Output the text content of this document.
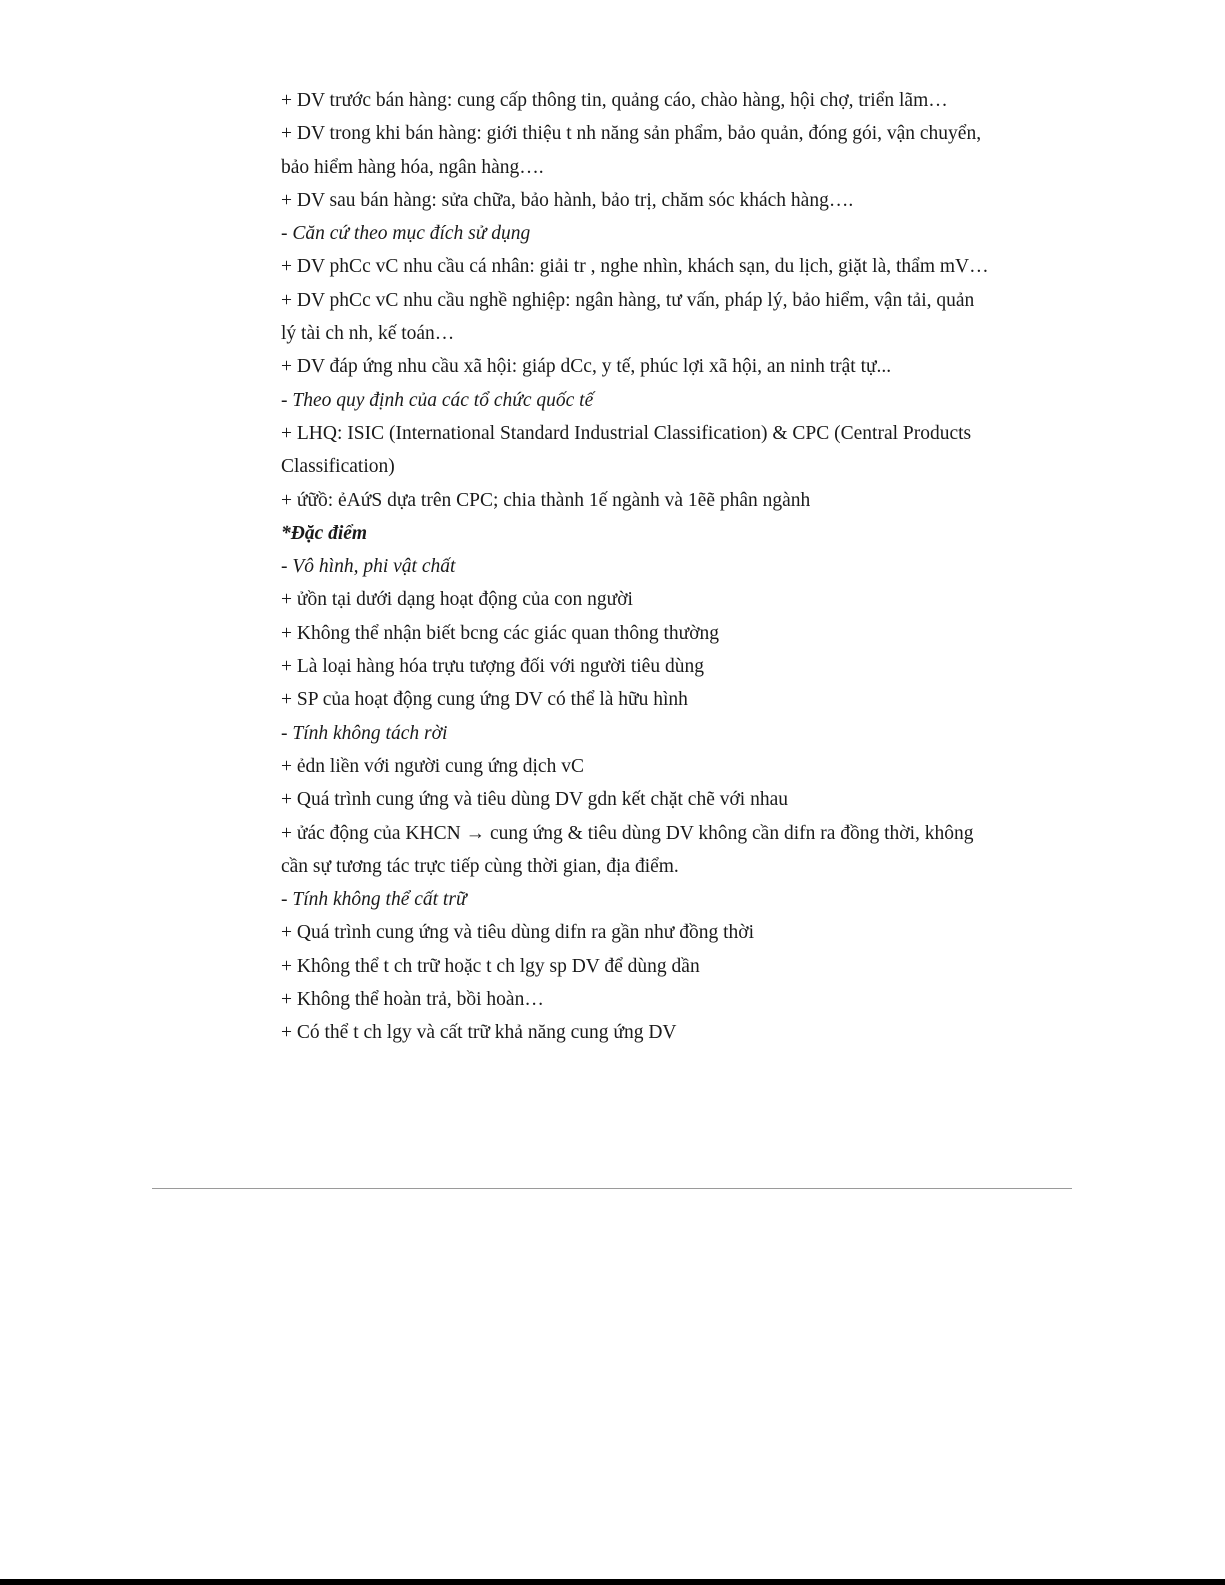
+ DV trước bán hàng: cung cấp thông tin, quảng cáo, chào hàng, hội chợ, triển lãm…
+ DV trong khi bán hàng: giới thiệu t nh năng sản phẩm, bảo quản, đóng gói, vận chuyển,
bảo hiểm hàng hóa, ngân hàng….
+ DV sau bán hàng: sửa chữa, bảo hành, bảo trị, chăm sóc khách hàng….
- Căn cứ theo mục đích sử dụng
+ DV phCc vC nhu cầu cá nhân: giải tr , nghe nhìn, khách sạn, du lịch, giặt là, thẩm mV…
+ DV phCc vC nhu cầu nghề nghiệp: ngân hàng, tư vấn, pháp lý, bảo hiểm, vận tải, quản
lý tài ch nh, kế toán…
+ DV đáp ứng nhu cầu xã hội: giáp dCc, y tế, phúc lợi xã hội, an ninh trật tự...
- Theo quy định của các tổ chức quốc tế
+ LHQ: ISIC (International Standard Industrial Classification) & CPC (Central Products
Classification)
+ ứữồ: ẻAứS dựa trên CPC; chia thành 1ế ngành và 1ẽẽ phân ngành
*Đặc điểm
- Vô hình, phi vật chất
+ ửồn tại dưới dạng hoạt động của con người
+ Không thể nhận biết bcng các giác quan thông thường
+ Là loại hàng hóa trựu tượng đối với người tiêu dùng
+ SP của hoạt động cung ứng DV có thể là hữu hình
- Tính không tách rời
+ ẻdn liền với người cung ứng dịch vC
+ Quá trình cung ứng và tiêu dùng DV gdn kết chặt chẽ với nhau
+ ửác động của KHCN → cung ứng & tiêu dùng DV không cần difn ra đồng thời, không
cần sự tương tác trực tiếp cùng thời gian, địa điểm.
- Tính không thể cất trữ
+ Quá trình cung ứng và tiêu dùng difn ra gần như đồng thời
+ Không thể t ch trữ hoặc t ch lgy sp DV để dùng dần
+ Không thể hoàn trả, bồi hoàn…
+ Có thể t ch lgy và cất trữ khả năng cung ứng DV
